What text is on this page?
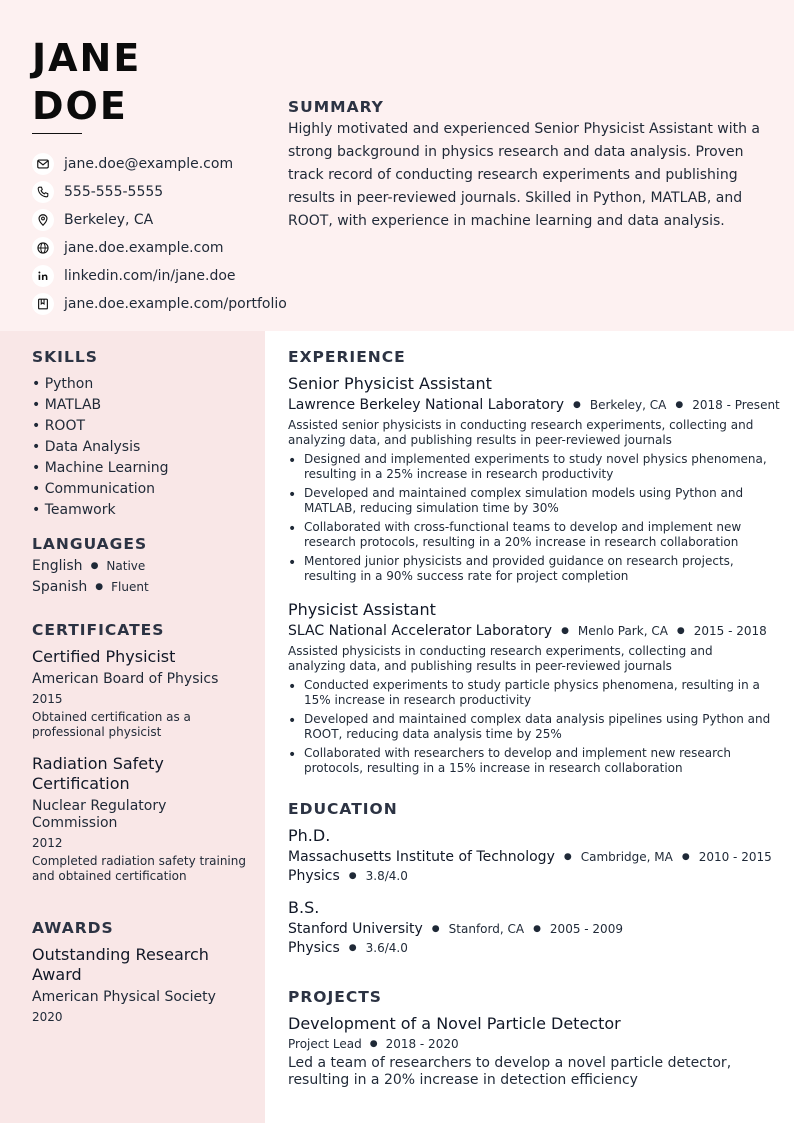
JANE
DOE
jane.doe@example.com
555-555-5555
Berkeley, CA
jane.doe.example.com
linkedin.com/in/jane.doe
jane.doe.example.com/portfolio
SUMMARY
Highly motivated and experienced Senior Physicist Assistant with a strong background in physics research and data analysis. Proven track record of conducting research experiments and publishing results in peer-reviewed journals. Skilled in Python, MATLAB, and ROOT, with experience in machine learning and data analysis.
SKILLS
• Python
• MATLAB
• ROOT
• Data Analysis
• Machine Learning
• Communication
• Teamwork
LANGUAGES
English ● Native
Spanish ● Fluent
CERTIFICATES
Certified Physicist
American Board of Physics
2015
Obtained certification as a professional physicist
Radiation Safety Certification
Nuclear Regulatory Commission
2012
Completed radiation safety training and obtained certification
AWARDS
Outstanding Research Award
American Physical Society
2020
EXPERIENCE
Senior Physicist Assistant
Lawrence Berkeley National Laboratory ● Berkeley, CA ● 2018 - Present
Assisted senior physicists in conducting research experiments, collecting and analyzing data, and publishing results in peer-reviewed journals
• Designed and implemented experiments to study novel physics phenomena, resulting in a 25% increase in research productivity
• Developed and maintained complex simulation models using Python and MATLAB, reducing simulation time by 30%
• Collaborated with cross-functional teams to develop and implement new research protocols, resulting in a 20% increase in research collaboration
• Mentored junior physicists and provided guidance on research projects, resulting in a 90% success rate for project completion
Physicist Assistant
SLAC National Accelerator Laboratory ● Menlo Park, CA ● 2015 - 2018
Assisted physicists in conducting research experiments, collecting and analyzing data, and publishing results in peer-reviewed journals
• Conducted experiments to study particle physics phenomena, resulting in a 15% increase in research productivity
• Developed and maintained complex data analysis pipelines using Python and ROOT, reducing data analysis time by 25%
• Collaborated with researchers to develop and implement new research protocols, resulting in a 15% increase in research collaboration
EDUCATION
Ph.D.
Massachusetts Institute of Technology ● Cambridge, MA ● 2010 - 2015
Physics ● 3.8/4.0
B.S.
Stanford University ● Stanford, CA ● 2005 - 2009
Physics ● 3.6/4.0
PROJECTS
Development of a Novel Particle Detector
Project Lead ● 2018 - 2020
Led a team of researchers to develop a novel particle detector, resulting in a 20% increase in detection efficiency
